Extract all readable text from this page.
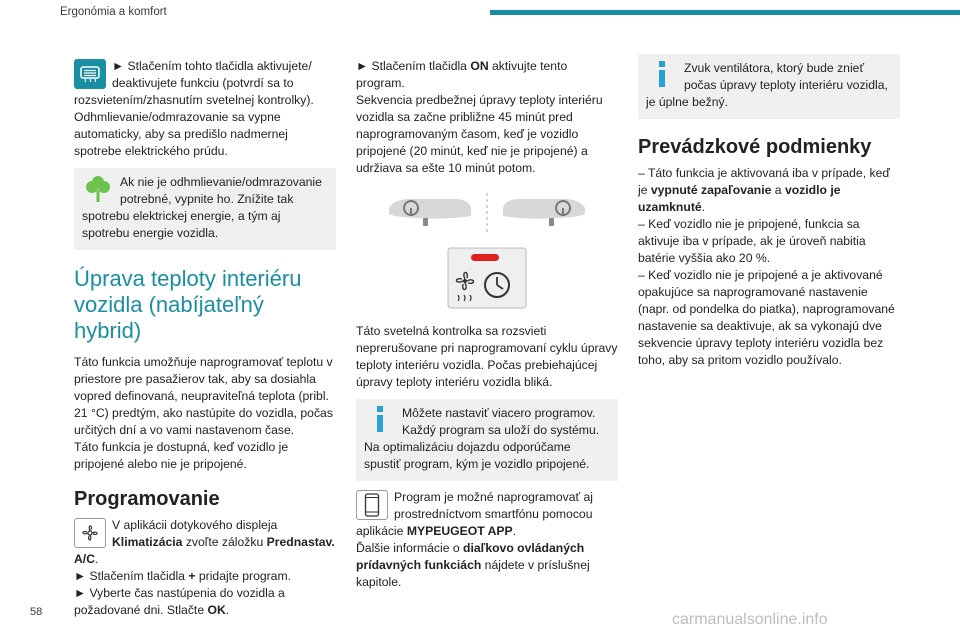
Ergonómia a komfort
► Stlačením tohto tlačidla aktivujete/
deaktivujete funkciu (potvrdí sa to
rozsvietením/zhasnutím svetelnej kontrolky). Odhmlievanie/odmrazovanie sa vypne automaticky, aby sa predišlo nadmernej spotrebe elektrického prúdu.
Ak nie je odhmlievanie/odmrazovanie potrebné, vypnite ho. Znížite tak spotrebu elektrickej energie, a tým aj spotrebu energie vozidla.
Úprava teploty interiéru vozidla (nabíjateľný hybrid)
Táto funkcia umožňuje naprogramovať teplotu v priestore pre pasažierov tak, aby sa dosiahla vopred definovaná, neupraviteľná teplota (pribl. 21 °C) predtým, ako nastúpite do vozidla, počas určitých dní a vo vami nastavenom čase.
Táto funkcia je dostupná, keď vozidlo je pripojené alebo nie je pripojené.
Programovanie
V aplikácii dotykového displeja
Klimatizácia zvoľte záložku Prednastav. A/C.
► Stlačením tlačidla + pridajte program.
► Vyberte čas nastúpenia do vozidla a požadované dni. Stlačte OK.
► Stlačením tlačidla ON aktivujte tento program.
Sekvencia predbežnej úpravy teploty interiéru vozidla sa začne približne 45 minút pred naprogramovaným časom, keď je vozidlo pripojené (20 minút, keď nie je pripojené) a udržiava sa ešte 10 minút potom.
Táto svetelná kontrolka sa rozsvieti neprerušovane pri naprogramovaní cyklu úpravy teploty interiéru vozidla. Počas prebiehajúcej úpravy teploty interiéru vozidla bliká.
Môžete nastaviť viacero programov. Každý program sa uloží do systému. Na optimalizáciu dojazdu odporúčame spustiť program, kým je vozidlo pripojené.
Program je možné naprogramovať aj prostredníctvom smartfónu pomocou aplikácie MYPEUGEOT APP.
Ďalšie informácie o diaľkovo ovládaných prídavných funkciách nájdete v príslušnej kapitole.
Zvuk ventilátora, ktorý bude znieť počas úpravy teploty interiéru vozidla, je úplne bežný.
Prevádzkové podmienky
– Táto funkcia je aktivovaná iba v prípade, keď je vypnuté zapaľovanie a vozidlo je uzamknuté.
– Keď vozidlo nie je pripojené, funkcia sa aktivuje iba v prípade, ak je úroveň nabitia batérie vyššia ako 20 %.
– Keď vozidlo nie je pripojené a je aktivované opakujúce sa naprogramované nastavenie (napr. od pondelka do piatka), naprogramované nastavenie sa deaktivuje, ak sa vykonajú dve sekvencie úpravy teploty interiéru vozidla bez toho, aby sa pritom vozidlo používalo.
58	carmanualsonline.info
